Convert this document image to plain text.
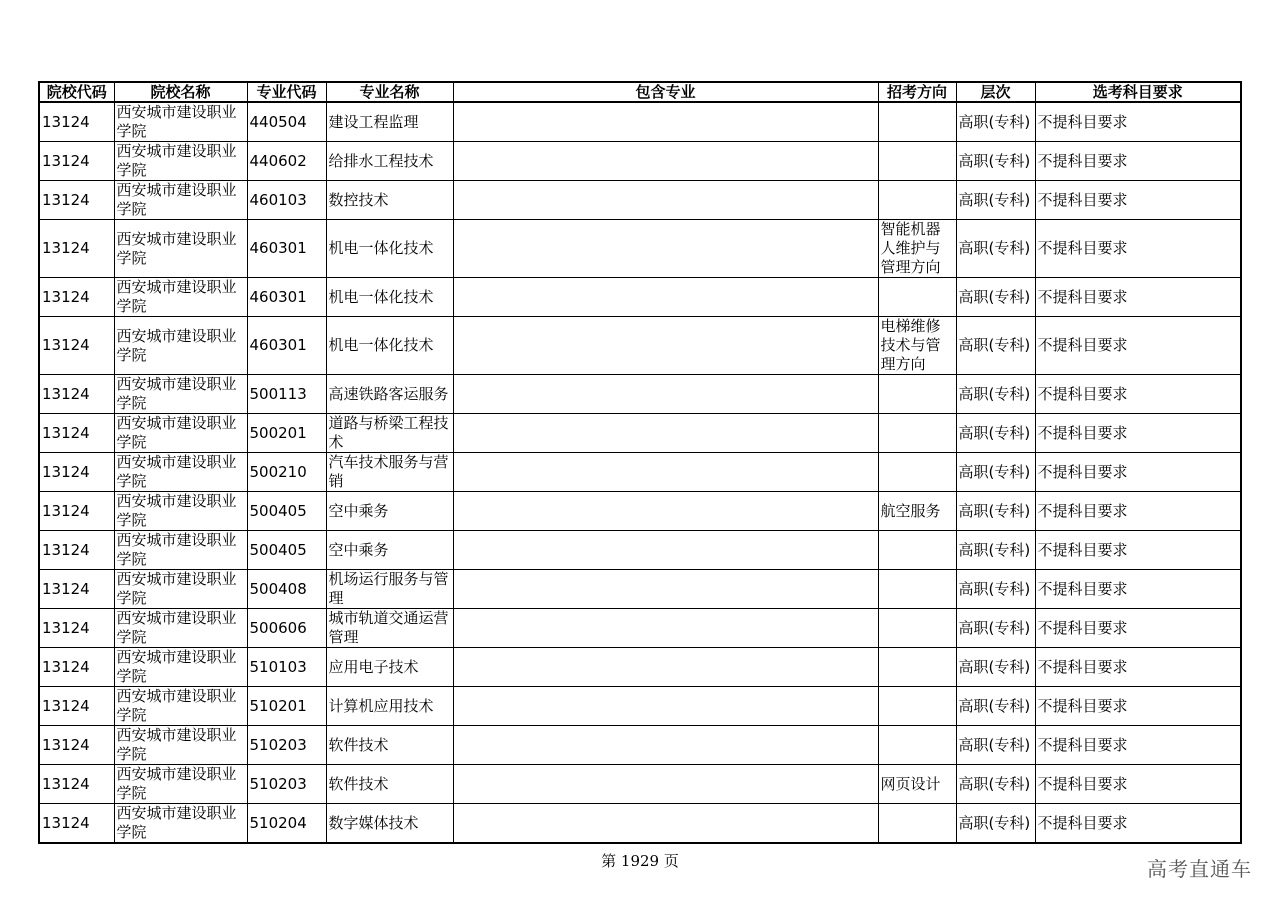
院校代码	院校名称	专业代码	专业名称	包含专业	招考方向	层次	选考科目要求
13124	西安城市建设职业学院	440504	建设工程监理			高职(专科)	不提科目要求
13124	西安城市建设职业学院	440602	给排水工程技术			高职(专科)	不提科目要求
13124	西安城市建设职业学院	460103	数控技术			高职(专科)	不提科目要求
13124	西安城市建设职业学院	460301	机电一体化技术		智能机器人维护与管理方向	高职(专科)	不提科目要求
13124	西安城市建设职业学院	460301	机电一体化技术			高职(专科)	不提科目要求
13124	西安城市建设职业学院	460301	机电一体化技术		电梯维修技术与管理方向	高职(专科)	不提科目要求
13124	西安城市建设职业学院	500113	高速铁路客运服务			高职(专科)	不提科目要求
13124	西安城市建设职业学院	500201	道路与桥梁工程技术			高职(专科)	不提科目要求
13124	西安城市建设职业学院	500210	汽车技术服务与营销			高职(专科)	不提科目要求
13124	西安城市建设职业学院	500405	空中乘务		航空服务	高职(专科)	不提科目要求
13124	西安城市建设职业学院	500405	空中乘务			高职(专科)	不提科目要求
13124	西安城市建设职业学院	500408	机场运行服务与管理			高职(专科)	不提科目要求
13124	西安城市建设职业学院	500606	城市轨道交通运营管理			高职(专科)	不提科目要求
13124	西安城市建设职业学院	510103	应用电子技术			高职(专科)	不提科目要求
13124	西安城市建设职业学院	510201	计算机应用技术			高职(专科)	不提科目要求
13124	西安城市建设职业学院	510203	软件技术			高职(专科)	不提科目要求
13124	西安城市建设职业学院	510203	软件技术		网页设计	高职(专科)	不提科目要求
13124	西安城市建设职业学院	510204	数字媒体技术			高职(专科)	不提科目要求
第 1929 页	高考直通车
